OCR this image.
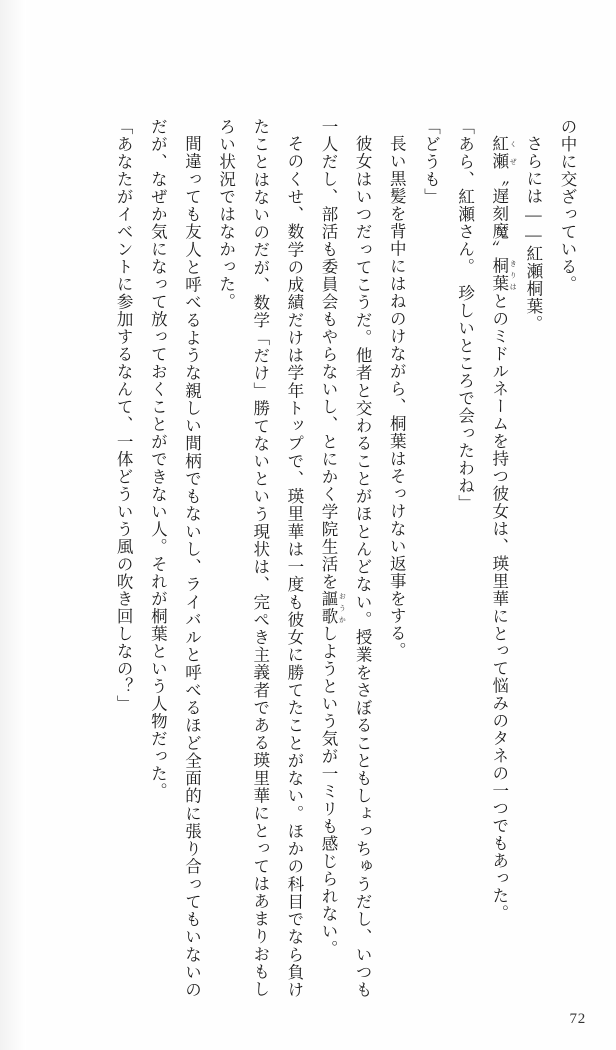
の中に交ざっている。

さらには――紅瀬桐葉。

紅瀬 くぜ〝遅刻魔〟桐葉 きりはとのミドルネームを持つ彼女は、瑛里華にとって悩みのタネの一つでもあった。

「あら、紅瀬さん。　珍しいところで会ったわね」

「どうも」

長い黒髪を背中にはねのけながら、桐葉はそっけない返事をする。

彼女はいつだってこうだ。他者と交わることがほとんどない。授業をさぼることもしょっちゅうだし、いつも一人だし、部活も委員会もやらないし、とにかく学院生活を謳歌 おうかしようという気が一ミリも感じられない。

そのくせ、数学の成績だけは学年トップで、瑛里華は一度も彼女に勝てたことがない。ほかの科目でなら負けたことはないのだが、数学「だけ」勝てないという現状は、完ぺき主義者である瑛里華にとってはあまりおもしろい状況ではなかった。

間違っても友人と呼べるような親しい間柄でもないし、ライバルと呼べるほど全面的に張り合ってもいないのだが、なぜか気になって放っておくことができない人。それが桐葉という人物だった。

「あなたがイベントに参加するなんて、一体どういう風の吹き回しなの？」

72
